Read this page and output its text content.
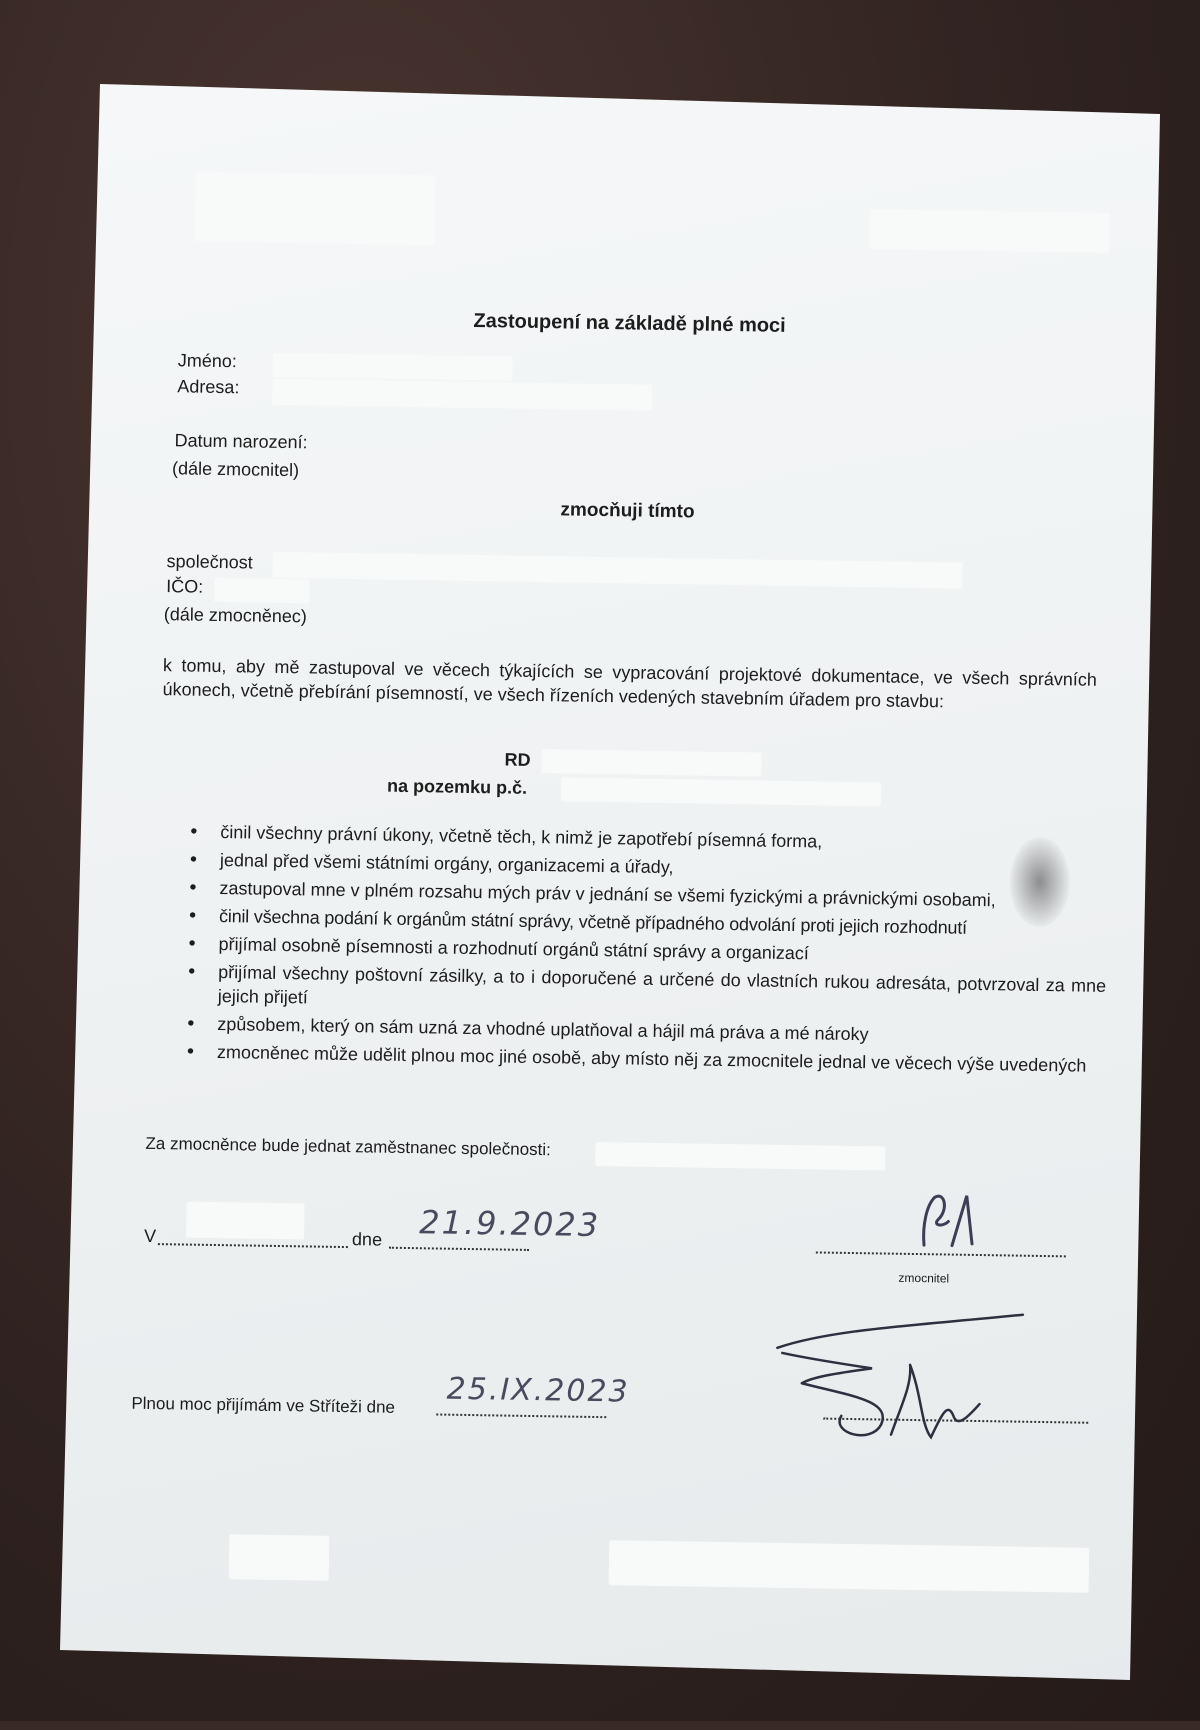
Zastoupení na základě plné moci
Jméno:
Adresa:
Datum narození:
(dále zmocnitel)
zmocňuji tímto
společnost
IČO:
(dále zmocněnec)
k tomu, aby mě zastupoval ve věcech týkajících se vypracování projektové dokumentace, ve všech správních úkonech, včetně přebírání písemností, ve všech řízeních vedených stavebním úřadem pro stavbu:
RD
na pozemku p.č.
• činil všechny právní úkony, včetně těch, k nimž je zapotřebí písemná forma,
• jednal před všemi státními orgány, organizacemi a úřady,
• zastupoval mne v plném rozsahu mých práv v jednání se všemi fyzickými a právnickými osobami,
• činil všechna podání k orgánům státní správy, včetně případného odvolání proti jejich rozhodnutí
• přijímal osobně písemnosti a rozhodnutí orgánů státní správy a organizací
• přijímal všechny poštovní zásilky, a to i doporučené a určené do vlastních rukou adresáta, potvrzoval za mne jejich přijetí
• způsobem, který on sám uzná za vhodné uplatňoval a hájil má práva a mé nároky
• zmocněnec může udělit plnou moc jiné osobě, aby místo něj za zmocnitele jednal ve věcech výše uvedených
Za zmocněnce bude jednat zaměstnanec společnosti:
V	dne 21.9.2023
zmocnitel
Plnou moc přijímám ve Stříteži dne 25.IX.2023
